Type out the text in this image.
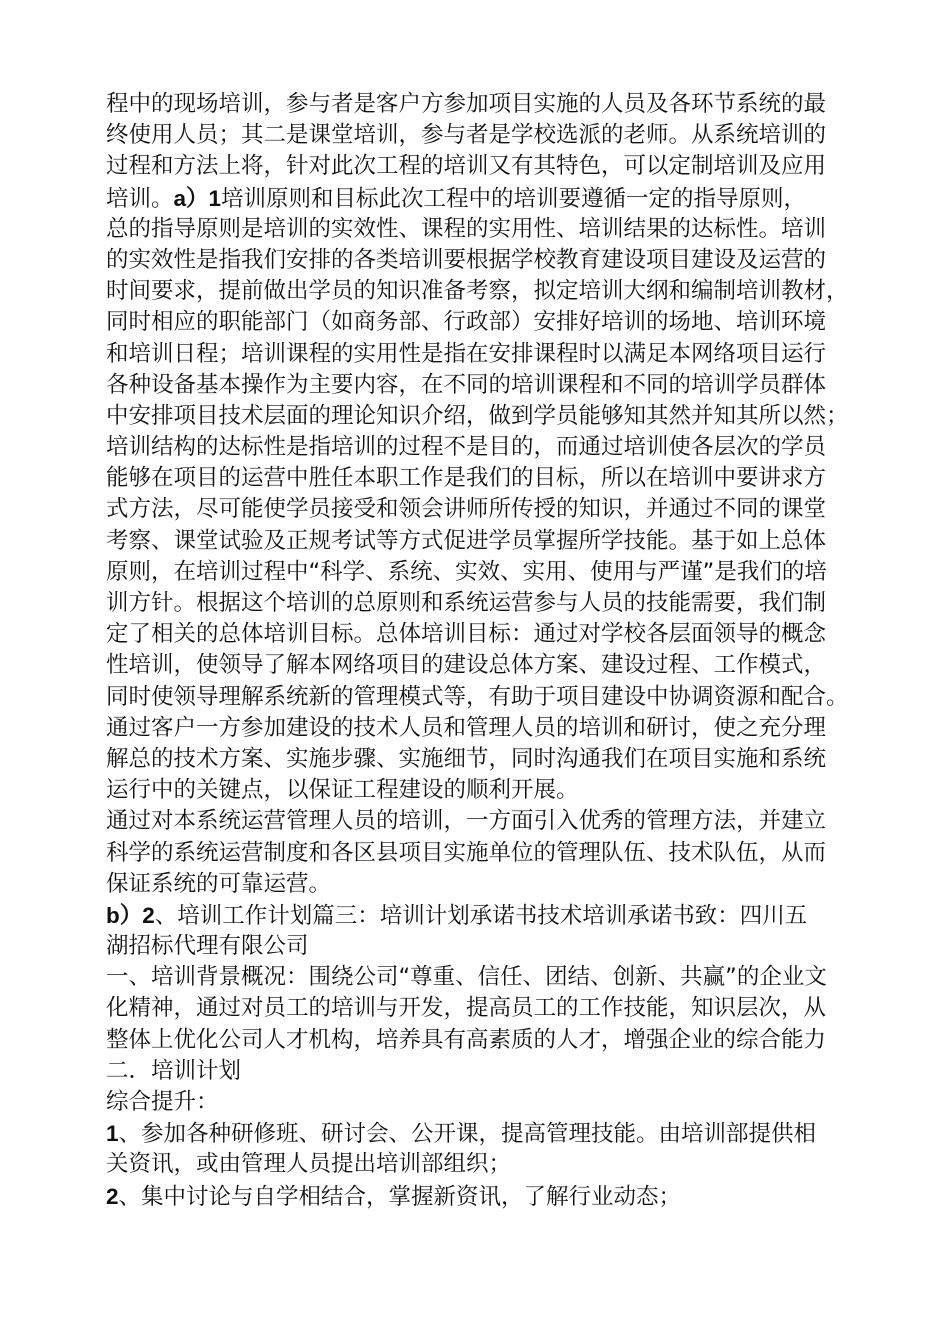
程中的现场培训，参与者是客户方参加项目实施的人员及各环节系统的最
终使用人员；其二是课堂培训，参与者是学校选派的老师。从系统培训的
过程和方法上将，针对此次工程的培训又有其特色，可以定制培训及应用
培训。a）1培训原则和目标此次工程中的培训要遵循一定的指导原则，
总的指导原则是培训的实效性、课程的实用性、培训结果的达标性。培训
的实效性是指我们安排的各类培训要根据学校教育建设项目建设及运营的
时间要求，提前做出学员的知识准备考察，拟定培训大纲和编制培训教材，
同时相应的职能部门（如商务部、行政部）安排好培训的场地、培训环境
和培训日程；培训课程的实用性是指在安排课程时以满足本网络项目运行
各种设备基本操作为主要内容，在不同的培训课程和不同的培训学员群体
中安排项目技术层面的理论知识介绍，做到学员能够知其然并知其所以然；
培训结构的达标性是指培训的过程不是目的，而通过培训使各层次的学员
能够在项目的运营中胜任本职工作是我们的目标，所以在培训中要讲求方
式方法，尽可能使学员接受和领会讲师所传授的知识，并通过不同的课堂
考察、课堂试验及正规考试等方式促进学员掌握所学技能。基于如上总体
原则，在培训过程中“科学、系统、实效、实用、使用与严谨”是我们的培
训方针。根据这个培训的总原则和系统运营参与人员的技能需要，我们制
定了相关的总体培训目标。总体培训目标：通过对学校各层面领导的概念
性培训，使领导了解本网络项目的建设总体方案、建设过程、工作模式，
同时使领导理解系统新的管理模式等，有助于项目建设中协调资源和配合。
通过客户一方参加建设的技术人员和管理人员的培训和研讨，使之充分理
解总的技术方案、实施步骤、实施细节，同时沟通我们在项目实施和系统
运行中的关键点，以保证工程建设的顺利开展。
通过对本系统运营管理人员的培训，一方面引入优秀的管理方法，并建立
科学的系统运营制度和各区县项目实施单位的管理队伍、技术队伍，从而
保证系统的可靠运营。
b）2、培训工作计划篇三：培训计划承诺书技术培训承诺书致：四川五
湖招标代理有限公司
一、培训背景概况：围绕公司“尊重、信任、团结、创新、共赢”的企业文
化精神，通过对员工的培训与开发，提高员工的工作技能，知识层次，从
整体上优化公司人才机构，培养具有高素质的人才，增强企业的综合能力
二．培训计划
综合提升：
1、参加各种研修班、研讨会、公开课，提高管理技能。由培训部提供相
关资讯，或由管理人员提出培训部组织；
2、集中讨论与自学相结合，掌握新资讯，了解行业动态；
